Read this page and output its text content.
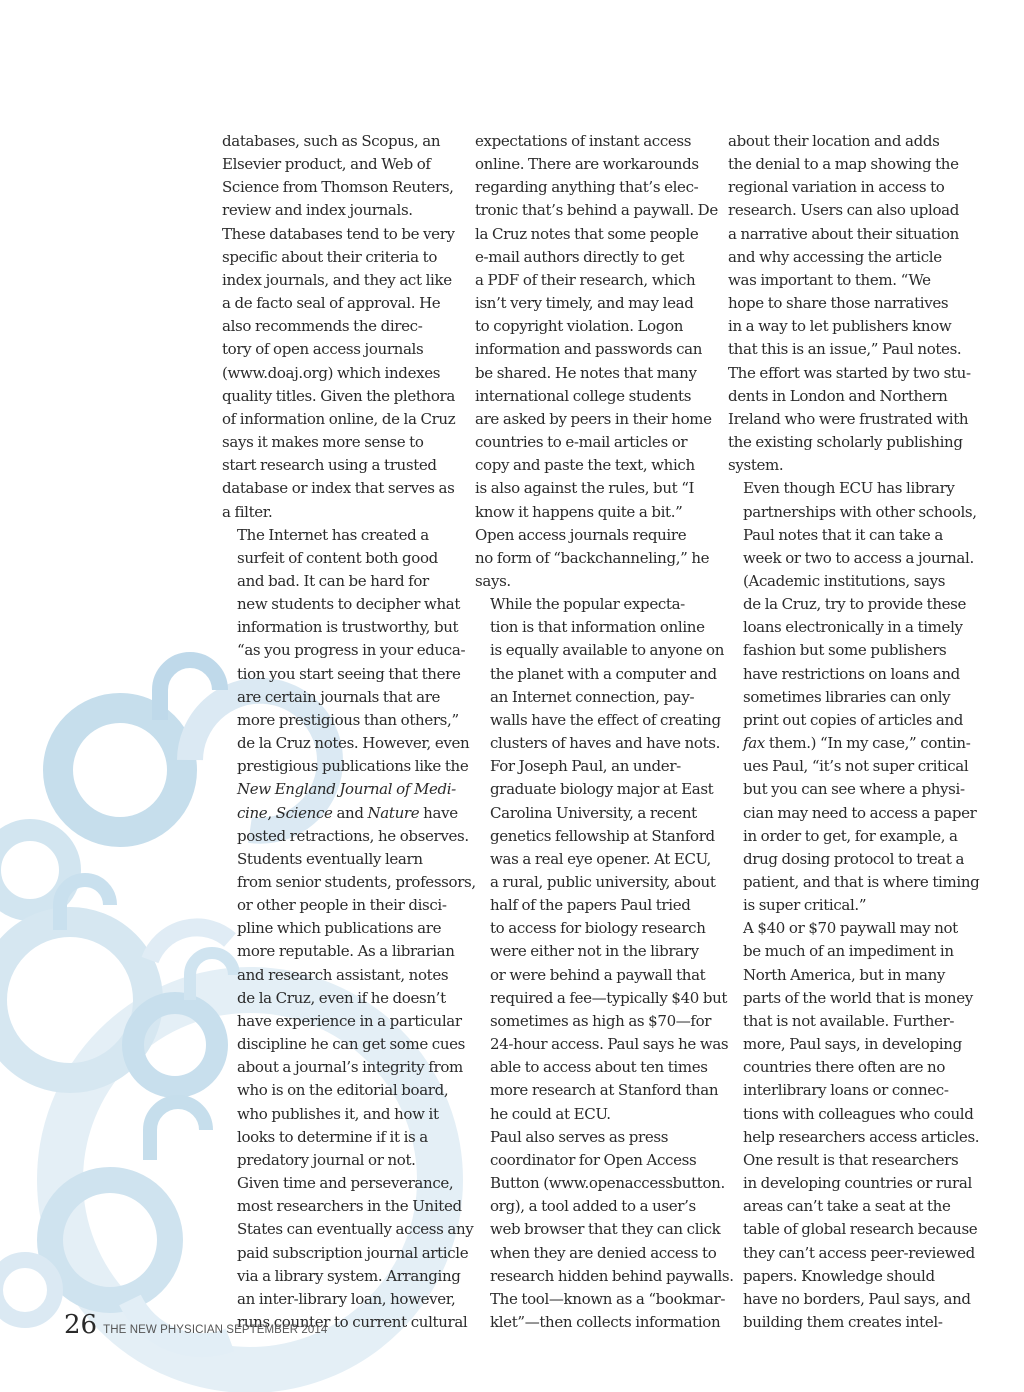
databases, such as Scopus, an
Elsevier product, and Web of
Science from Thomson Reuters,
review and index journals.
These databases tend to be very
specific about their criteria to
index journals, and they act like
a de facto seal of approval. He
also recommends the direc-
tory of open access journals
(www.doaj.org) which indexes
quality titles. Given the plethora
of information online, de la Cruz
says it makes more sense to
start research using a trusted
database or index that serves as
a filter.

The Internet has created a
surfeit of content both good
and bad. It can be hard for
new students to decipher what
information is trustworthy, but
“as you progress in your educa-
tion you start seeing that there
are certain journals that are
more prestigious than others,”
de la Cruz notes. However, even
prestigious publications like the
New England Journal of Medi-
cine, Science and Nature have
posted retractions, he observes.

Students eventually learn
from senior students, professors,
or other people in their disci-
pline which publications are
more reputable. As a librarian
and research assistant, notes
de la Cruz, even if he doesn’t
have experience in a particular
discipline he can get some cues
about a journal’s integrity from
who is on the editorial board,
who publishes it, and how it
looks to determine if it is a
predatory journal or not.

Given time and perseverance,
most researchers in the United
States can eventually access any
paid subscription journal article
via a library system. Arranging
an inter-library loan, however,
runs counter to current cultural

expectations of instant access
online. There are workarounds
regarding anything that’s elec-
tronic that’s behind a paywall. De
la Cruz notes that some people
e-mail authors directly to get
a PDF of their research, which
isn’t very timely, and may lead
to copyright violation. Logon
information and passwords can
be shared. He notes that many
international college students
are asked by peers in their home
countries to e-mail articles or
copy and paste the text, which
is also against the rules, but “I
know it happens quite a bit.”
Open access journals require
no form of “backchanneling,” he
says.

While the popular expecta-
tion is that information online
is equally available to anyone on
the planet with a computer and
an Internet connection, pay-
walls have the effect of creating
clusters of haves and have nots.
For Joseph Paul, an under-
graduate biology major at East
Carolina University, a recent
genetics fellowship at Stanford
was a real eye opener. At ECU,
a rural, public university, about
half of the papers Paul tried
to access for biology research
were either not in the library
or were behind a paywall that
required a fee—typically $40 but
sometimes as high as $70—for
24-hour access. Paul says he was
able to access about ten times
more research at Stanford than
he could at ECU.

Paul also serves as press
coordinator for Open Access
Button (www.openaccessbutton.
org), a tool added to a user’s
web browser that they can click
when they are denied access to
research hidden behind paywalls.
The tool—known as a “bookmar-
klet”—then collects information

about their location and adds
the denial to a map showing the
regional variation in access to
research. Users can also upload
a narrative about their situation
and why accessing the article
was important to them. “We
hope to share those narratives
in a way to let publishers know
that this is an issue,” Paul notes.
The effort was started by two stu-
dents in London and Northern
Ireland who were frustrated with
the existing scholarly publishing
system.

Even though ECU has library
partnerships with other schools,
Paul notes that it can take a
week or two to access a journal.
(Academic institutions, says
de la Cruz, try to provide these
loans electronically in a timely
fashion but some publishers
have restrictions on loans and
sometimes libraries can only
print out copies of articles and
fax them.) “In my case,” contin-
ues Paul, “it’s not super critical
but you can see where a physi-
cian may need to access a paper
in order to get, for example, a
drug dosing protocol to treat a
patient, and that is where timing
is super critical.”

A $40 or $70 paywall may not
be much of an impediment in
North America, but in many
parts of the world that is money
that is not available. Further-
more, Paul says, in developing
countries there often are no
interlibrary loans or connec-
tions with colleagues who could
help researchers access articles.
One result is that researchers
in developing countries or rural
areas can’t take a seat at the
table of global research because
they can’t access peer-reviewed
papers. Knowledge should
have no borders, Paul says, and
building them creates intel-

26 THE NEW PHYSICIAN SEPTEMBER 2014
